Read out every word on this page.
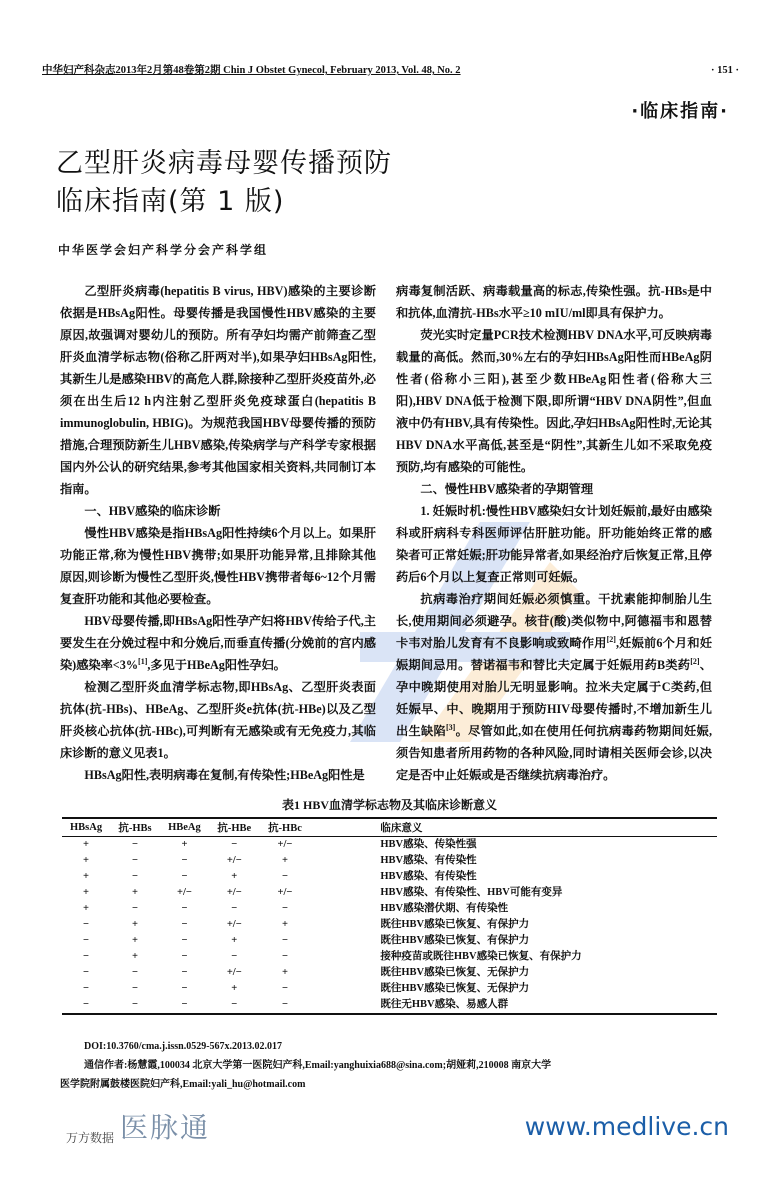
中华妇产科杂志2013年2月第48卷第2期 Chin J Obstet Gynecol, February 2013, Vol. 48, No. 2	· 151 ·
·临床指南·
乙型肝炎病毒母婴传播预防
临床指南(第 1 版)
中华医学会妇产科学分会产科学组

乙型肝炎病毒(hepatitis B virus, HBV)感染的主要诊断依据是HBsAg阳性。母婴传播是我国慢性HBV感染的主要原因,故强调对婴幼儿的预防。所有孕妇均需产前筛查乙型肝炎血清学标志物(俗称乙肝两对半),如果孕妇HBsAg阳性,其新生儿是感染HBV的高危人群,除接种乙型肝炎疫苗外,必须在出生后12 h内注射乙型肝炎免疫球蛋白(hepatitis B immunoglobulin, HBIG)。为规范我国HBV母婴传播的预防措施,合理预防新生儿HBV感染,传染病学与产科学专家根据国内外公认的研究结果,参考其他国家相关资料,共同制订本指南。

一、HBV感染的临床诊断

慢性HBV感染是指HBsAg阳性持续6个月以上。如果肝功能正常,称为慢性HBV携带;如果肝功能异常,且排除其他原因,则诊断为慢性乙型肝炎,慢性HBV携带者每6~12个月需复查肝功能和其他必要检查。

HBV母婴传播,即HBsAg阳性孕产妇将HBV传给子代,主要发生在分娩过程中和分娩后,而垂直传播(分娩前的宫内感染)感染率<3%[1],多见于HBeAg阳性孕妇。

检测乙型肝炎血清学标志物,即HBsAg、乙型肝炎表面抗体(抗-HBs)、HBeAg、乙型肝炎e抗体(抗-HBe)以及乙型肝炎核心抗体(抗-HBc),可判断有无感染或有无免疫力,其临床诊断的意义见表1。

HBsAg阳性,表明病毒在复制,有传染性;HBeAg阳性是

病毒复制活跃、病毒载量高的标志,传染性强。抗-HBs是中和抗体,血清抗-HBs水平≥10 mIU/ml即具有保护力。

荧光实时定量PCR技术检测HBV DNA水平,可反映病毒载量的高低。然而,30%左右的孕妇HBsAg阳性而HBeAg阴性者(俗称小三阳),甚至少数HBeAg阳性者(俗称大三阳),HBV DNA低于检测下限,即所谓“HBV DNA阴性”,但血液中仍有HBV,具有传染性。因此,孕妇HBsAg阳性时,无论其HBV DNA水平高低,甚至是“阴性”,其新生儿如不采取免疫预防,均有感染的可能性。

二、慢性HBV感染者的孕期管理

1. 妊娠时机:慢性HBV感染妇女计划妊娠前,最好由感染科或肝病科专科医师评估肝脏功能。肝功能始终正常的感染者可正常妊娠;肝功能异常者,如果经治疗后恢复正常,且停药后6个月以上复查正常则可妊娠。

抗病毒治疗期间妊娠必须慎重。干扰素能抑制胎儿生长,使用期间必须避孕。核苷(酸)类似物中,阿德福韦和恩替卡韦对胎儿发育有不良影响或致畸作用[2],妊娠前6个月和妊娠期间忌用。替诺福韦和替比夫定属于妊娠用药B类药[2]、孕中晚期使用对胎儿无明显影响。拉米夫定属于C类药,但妊娠早、中、晚期用于预防HIV母婴传播时,不增加新生儿出生缺陷[3]。尽管如此,如在使用任何抗病毒药物期间妊娠,须告知患者所用药物的各种风险,同时请相关医师会诊,以决定是否中止妊娠或是否继续抗病毒治疗。

表1 HBV血清学标志物及其临床诊断意义
HBsAg	抗-HBs	HBeAg	抗-HBe	抗-HBc	临床意义
+	−	+	−	+/−	HBV感染、传染性强
+	−	−	+/−	+	HBV感染、有传染性
+	−	−	+	−	HBV感染、有传染性
+	+	+/−	+/−	+/−	HBV感染、有传染性、HBV可能有变异
+	−	−	−	−	HBV感染潜伏期、有传染性
−	+	−	+/−	+	既往HBV感染已恢复、有保护力
−	+	−	+	−	既往HBV感染已恢复、有保护力
−	+	−	−	−	接种疫苗或既往HBV感染已恢复、有保护力
−	−	−	+/−	+	既往HBV感染已恢复、无保护力
−	−	−	+	−	既往HBV感染已恢复、无保护力
−	−	−	−	−	既往无HBV感染、易感人群
DOI:10.3760/cma.j.issn.0529-567x.2013.02.017
通信作者:杨慧霞,100034 北京大学第一医院妇产科,Email:yanghuixia688@sina.com;胡娅莉,210008 南京大学
医学院附属鼓楼医院妇产科,Email:yali_hu@hotmail.com
万方数据 医脉通	www.medlive.cn
